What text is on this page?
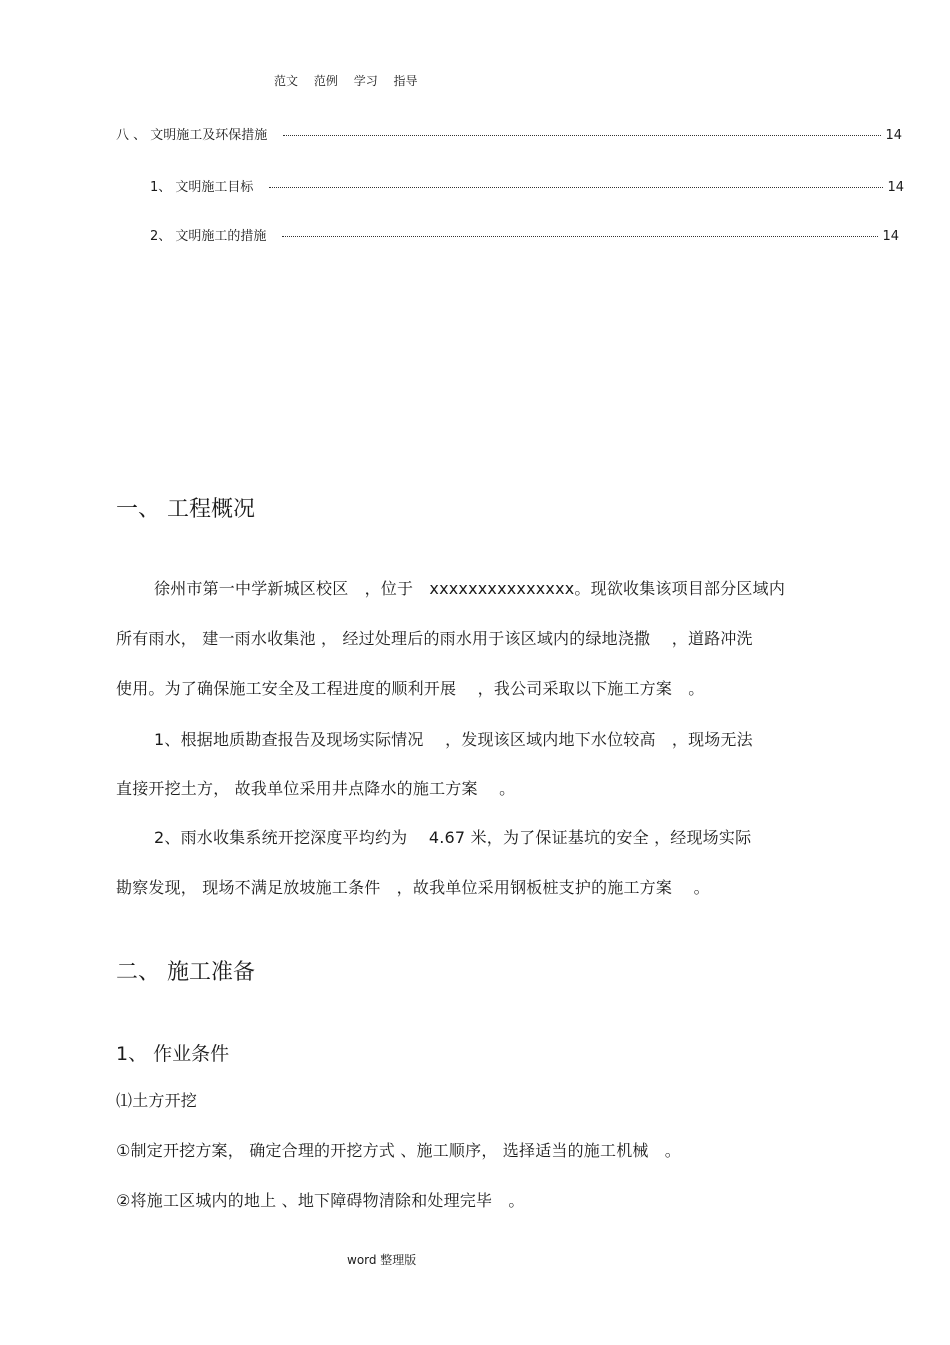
范文 范例 学习 指导
八 、 文明施工及环保措施	14
1、 文明施工目标	14
2、 文明施工的措施	14
一、 工程概况
徐州市第一中学新城区校区　，位于　xxxxxxxxxxxxxxx。现欲收集该项目部分区域内
所有雨水， 建一雨水收集池 ， 经过处理后的雨水用于该区域内的绿地浇撒　 ，道路冲洗
使用。为了确保施工安全及工程进度的顺利开展　 ，我公司采取以下施工方案　。
1、根据地质勘查报告及现场实际情况　 ，发现该区域内地下水位较高　，现场无法
直接开挖土方， 故我单位采用井点降水的施工方案　 。
2、雨水收集系统开挖深度平均约为　 4.67 米，为了保证基坑的安全 ，经现场实际
勘察发现， 现场不满足放坡施工条件　，故我单位采用钢板桩支护的施工方案　 。
二、 施工准备
1、 作业条件
⑴土方开挖
①制定开挖方案， 确定合理的开挖方式 、施工顺序， 选择适当的施工机械　。
②将施工区城内的地上 、地下障碍物清除和处理完毕　。
word 整理版
